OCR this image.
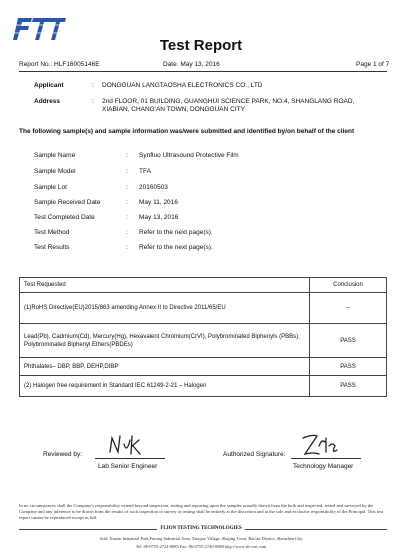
Test Report
Report No.: HLF16005146E	Date: May 13, 2016	Page 1 of 7
Applicant	: DONGGUAN LANGTAOSHA ELECTRONICS CO., LTD
Address	: 2nd FLOOR, 01 BUILDING, GUANGHUI SCIENCE PARK, NO.4, SHANGLANG ROAD,
XIABIAN, CHANG'AN TOWN, DONGGUAN CITY
The following sample(s) and sample information was/were submitted and identified by/on behalf of the client
Sample Name	: Synfluo Ultrasound Protective Film
Sample Model	: TFA
Sample Lot	: 20160503
Sample Received Date	: May 11, 2016
Test Completed Date	: May 13, 2016
Test Method	: Refer to the next page(s).
Test Results	: Refer to the next page(s).
Test Requested	Conclusion
(1)RoHS Directive(EU)2015/863 amending Annex II to Directive 2011/65/EU	--
Lead(Pb), Cadmium(Cd), Mercury(Hg), Hexavalent Chromium(CrVI), Polybrominated Biphenyls (PBBs), Polybrominated Biphenyl Ethers(PBDEs)	PASS
Phthalates– DBP, BBP, DEHP,DIBP	PASS
(2) Halogen free requirement in Standard IEC 61249-2-21 – Halogen	PASS
Reviewed by:
Lab Senior Engineer
Authorized Signature:
Technology Manager
In no circumstances shall the Company's responsibility extend beyond inspection, testing and reporting upon the samples actually drawn from the bulk and inspected, tested and surveyed by the Company and any inference to be drawn from the results of such inspection or survey or testing shall be entirely at the discretion and at the sole and exclusive responsibility of the Principal. This test report cannot be reproduced except in full.
FLION TESTING TECHNOLOGIES
Add: Xinxin Industrial Park,Furong Industrial Area, Xinqiao Village, Shajing Town, Bao'an District, Shenzhen City
Tel: 86-0755-2724-8885 Fax: 86-0755-2740-0080 http://www.ftt-cert.com
